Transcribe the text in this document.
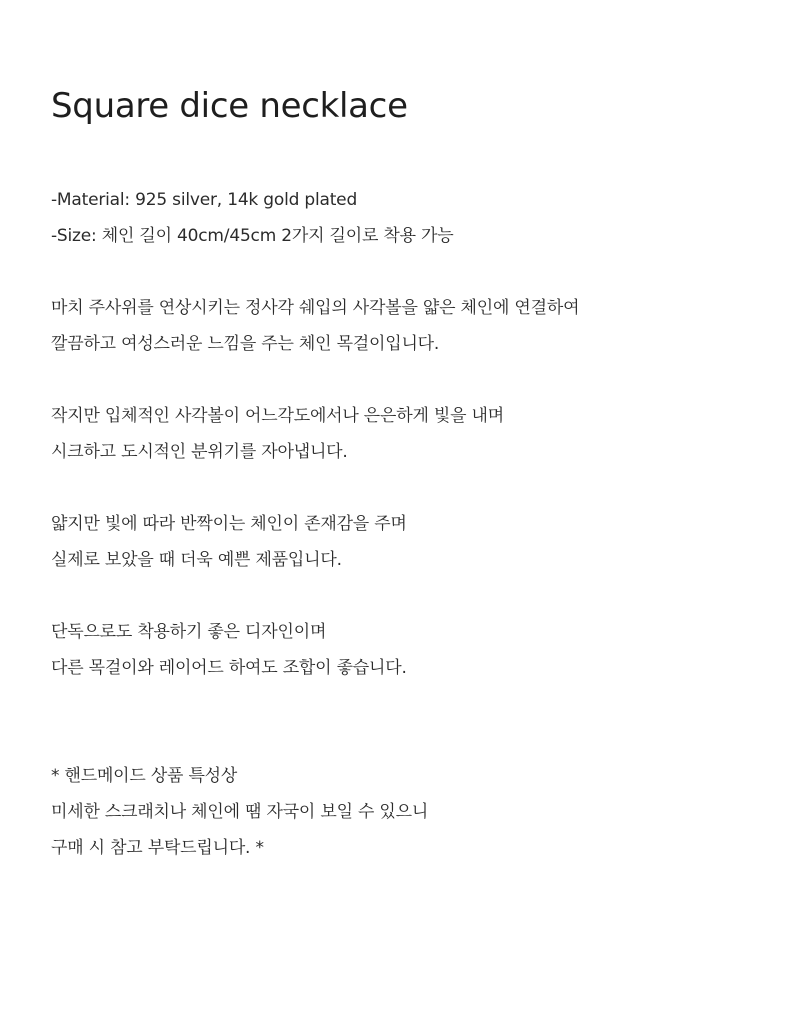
Square dice necklace
-Material: 925 silver, 14k gold plated
-Size: 체인 길이 40cm/45cm 2가지 길이로 착용 가능
마치 주사위를 연상시키는 정사각 쉐입의 사각볼을 얇은 체인에 연결하여
깔끔하고 여성스러운 느낌을 주는 체인 목걸이입니다.
작지만 입체적인 사각볼이 어느각도에서나 은은하게 빛을 내며
시크하고 도시적인 분위기를 자아냅니다.
얇지만 빛에 따라 반짝이는 체인이 존재감을 주며
실제로 보았을 때 더욱 예쁜 제품입니다.
단독으로도 착용하기 좋은 디자인이며
다른 목걸이와 레이어드 하여도 조합이 좋습니다.
* 핸드메이드 상품 특성상
미세한 스크래치나 체인에 땜 자국이 보일 수 있으니
구매 시 참고 부탁드립니다. *
